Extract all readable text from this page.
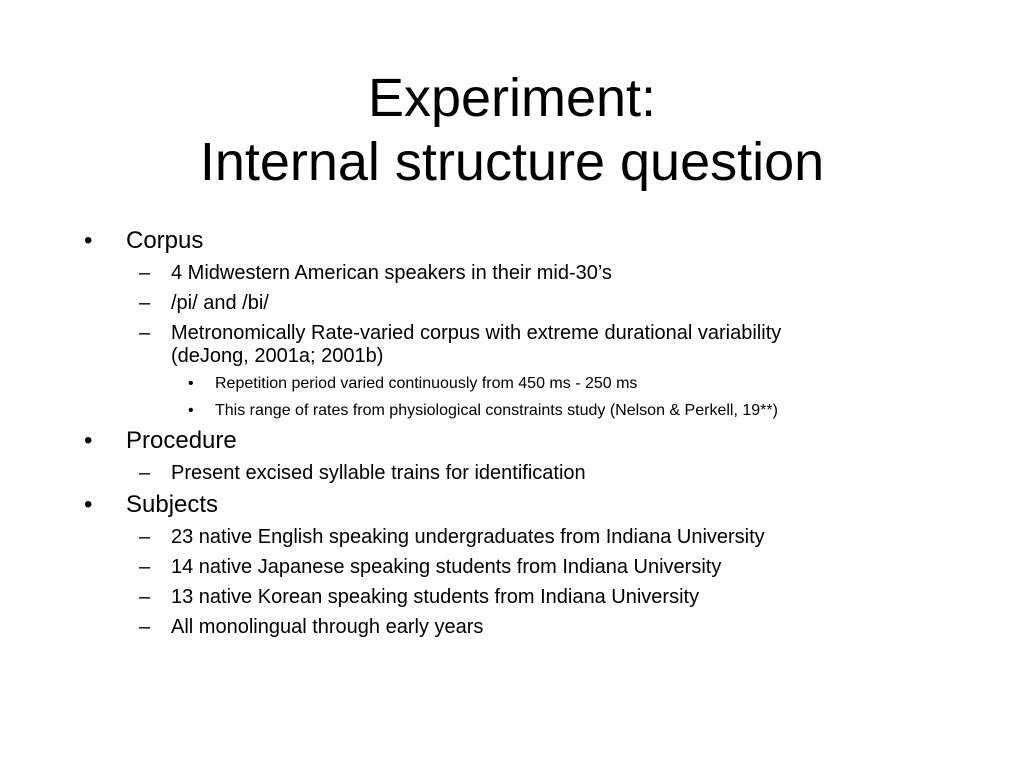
Experiment:
Internal structure question
•	Corpus
– 4 Midwestern American speakers in their mid-30’s
– /pi/ and /bi/
– Metronomically Rate-varied corpus with extreme durational variability
(deJong, 2001a; 2001b)
• Repetition period varied continuously from 450 ms - 250 ms
• This range of rates from physiological constraints study (Nelson & Perkell, 19**)
•	Procedure
– Present excised syllable trains for identification
•	Subjects
– 23 native English speaking undergraduates from Indiana University
– 14 native Japanese speaking students from Indiana University
– 13 native Korean speaking students from Indiana University
– All monolingual through early years
